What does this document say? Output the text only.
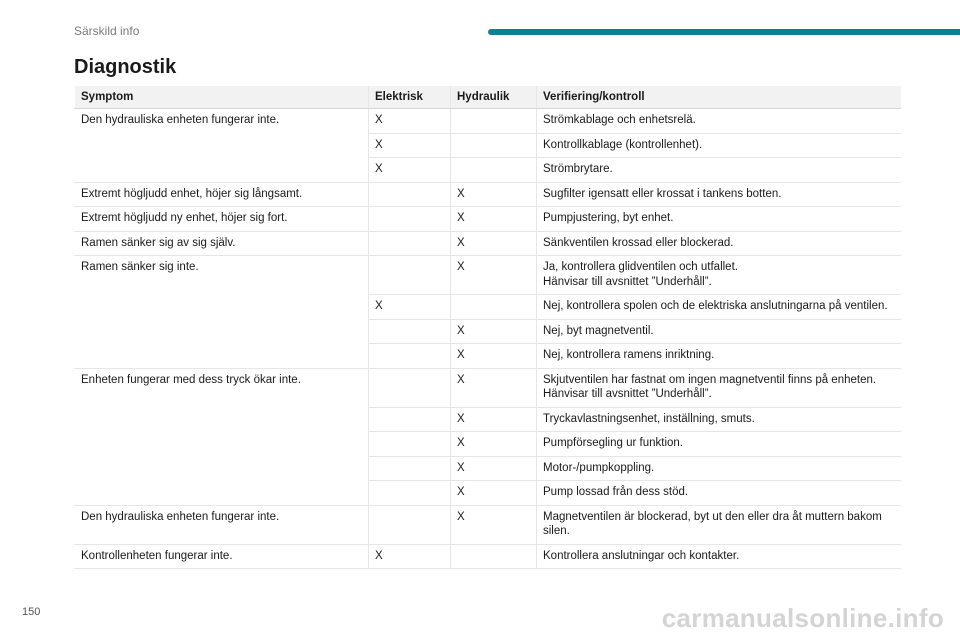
Särskild info
Diagnostik
Symptom	Elektrisk	Hydraulik	Verifiering/kontroll
Den hydrauliska enheten fungerar inte.	X		Strömkablage och enhetsrelä.

	X		Kontrollkablage (kontrollenhet).

	X		Strömbrytare.

Extremt högljudd enhet, höjer sig långsamt.		X	Sugfilter igensatt eller krossat i tankens botten.

Extremt högljudd ny enhet, höjer sig fort.		X	Pumpjustering, byt enhet.

Ramen sänker sig av sig själv.		X	Sänkventilen krossad eller blockerad.

Ramen sänker sig inte.		X	Ja, kontrollera glidventilen och utfallet.
Hänvisar till avsnittet ”Underhåll”.

	X		Nej, kontrollera spolen och de elektriska anslutningarna på ventilen.

		X	Nej, byt magnetventil.

		X	Nej, kontrollera ramens inriktning.

Enheten fungerar med dess tryck ökar inte.		X	Skjutventilen har fastnat om ingen magnetventil finns på enheten.
Hänvisar till avsnittet ”Underhåll”.

		X	Tryckavlastningsenhet, inställning, smuts.

		X	Pumpförsegling ur funktion.

		X	Motor-/pumpkoppling.

		X	Pump lossad från dess stöd.

Den hydrauliska enheten fungerar inte.		X	Magnetventilen är blockerad, byt ut den eller dra åt muttern bakom silen.

Kontrollenheten fungerar inte.	X		Kontrollera anslutningar och kontakter.
150	carmanualsonline.info
